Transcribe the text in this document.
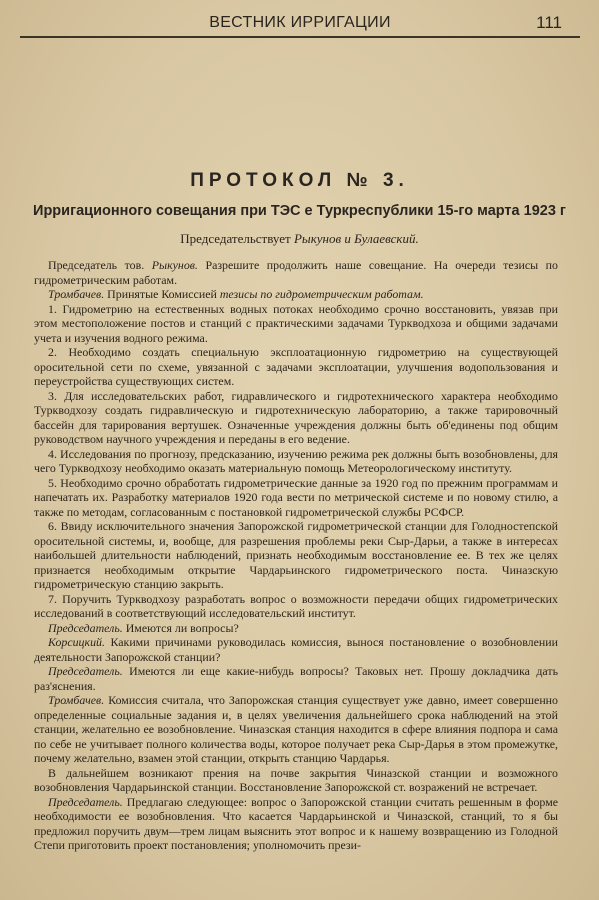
ВЕСТНИК ИРРИГАЦИИ	111
ПРОТОКОЛ № 3.
Ирригационного совещания при ТЭС е Туркреспублики 15-го марта 1923 г
Председательствует Рыкунов и Булаевский.

Председатель тов. Рыкунов. Разрешите продолжить наше совещание. На очереди тезисы по гидрометрическим работам.

Тромбачев. Принятые Комиссией тезисы по гидрометрическим работам.

1. Гидрометрию на естественных водных потоках необходимо срочно восстановить, увязав при этом местоположение постов и станций с практическими задачами Туркводхоза и общими задачами учета и изучения водного режима.

2. Необходимо создать специальную эксплоатационную гидрометрию на существующей оросительной сети по схеме, увязанной с задачами эксплоатации, улучшения водопользования и переустройства существующих систем.

3. Для исследовательских работ, гидравлического и гидротехнического характера необходимо Туркводхозу создать гидравлическую и гидротехническую лабораторию, а также тарировочный бассейн для тарирования вертушек. Означенные учреждения должны быть об'единены под общим руководством научного учреждения и переданы в его ведение.

4. Исследования по прогнозу, предсказанию, изучению режима рек должны быть возобновлены, для чего Туркводхозу необходимо оказать материальную помощь Метеорологическому институту.

5. Необходимо срочно обработать гидрометрические данные за 1920 год по прежним программам и напечатать их. Разработку материалов 1920 года вести по метрической системе и по новому стилю, а также по методам, согласованным с постановкой гидрометрической службы РСФСР.

6. Ввиду исключительного значения Запорожской гидрометрической станции для Голодностепской оросительной системы, и, вообще, для разрешения проблемы реки Сыр-Дарьи, а также в интересах наибольшей длительности наблюдений, признать необходимым восстановление ее. В тех же целях признается необходимым открытие Чардарьинского гидрометрического поста. Чиназскую гидрометрическую станцию закрыть.

7. Поручить Туркводхозу разработать вопрос о возможности передачи общих гидрометрических исследований в соответствующий исследовательский институт.

Председатель. Имеются ли вопросы?

Корсицкий. Какими причинами руководилась комиссия, вынося постановление о возобновлении деятельности Запорожской станции?

Председатель. Имеются ли еще какие-нибудь вопросы? Таковых нет. Прошу докладчика дать раз'яснения.

Тромбачев. Комиссия считала, что Запорожская станция существует уже давно, имеет совершенно определенные социальные задания и, в целях увеличения дальнейшего срока наблюдений на этой станции, желательно ее возобновление. Чиназская станция находится в сфере влияния подпора и сама по себе не учитывает полного количества воды, которое получает река Сыр-Дарья в этом промежутке, почему желательно, взамен этой станции, открыть станцию Чардарья.

В дальнейшем возникают прения на почве закрытия Чиназской станции и возможного возобновления Чардарьинской станции. Восстановление Запорожской ст. возражений не встречает.

Председатель. Предлагаю следующее: вопрос о Запорожской станции считать решенным в форме необходимости ее возобновления. Что касается Чардарьинской и Чиназской, станций, то я бы предложил поручить двум—трем лицам выяснить этот вопрос и к нашему возвращению из Голодной Степи приготовить проект постановления; уполномочить прези-
